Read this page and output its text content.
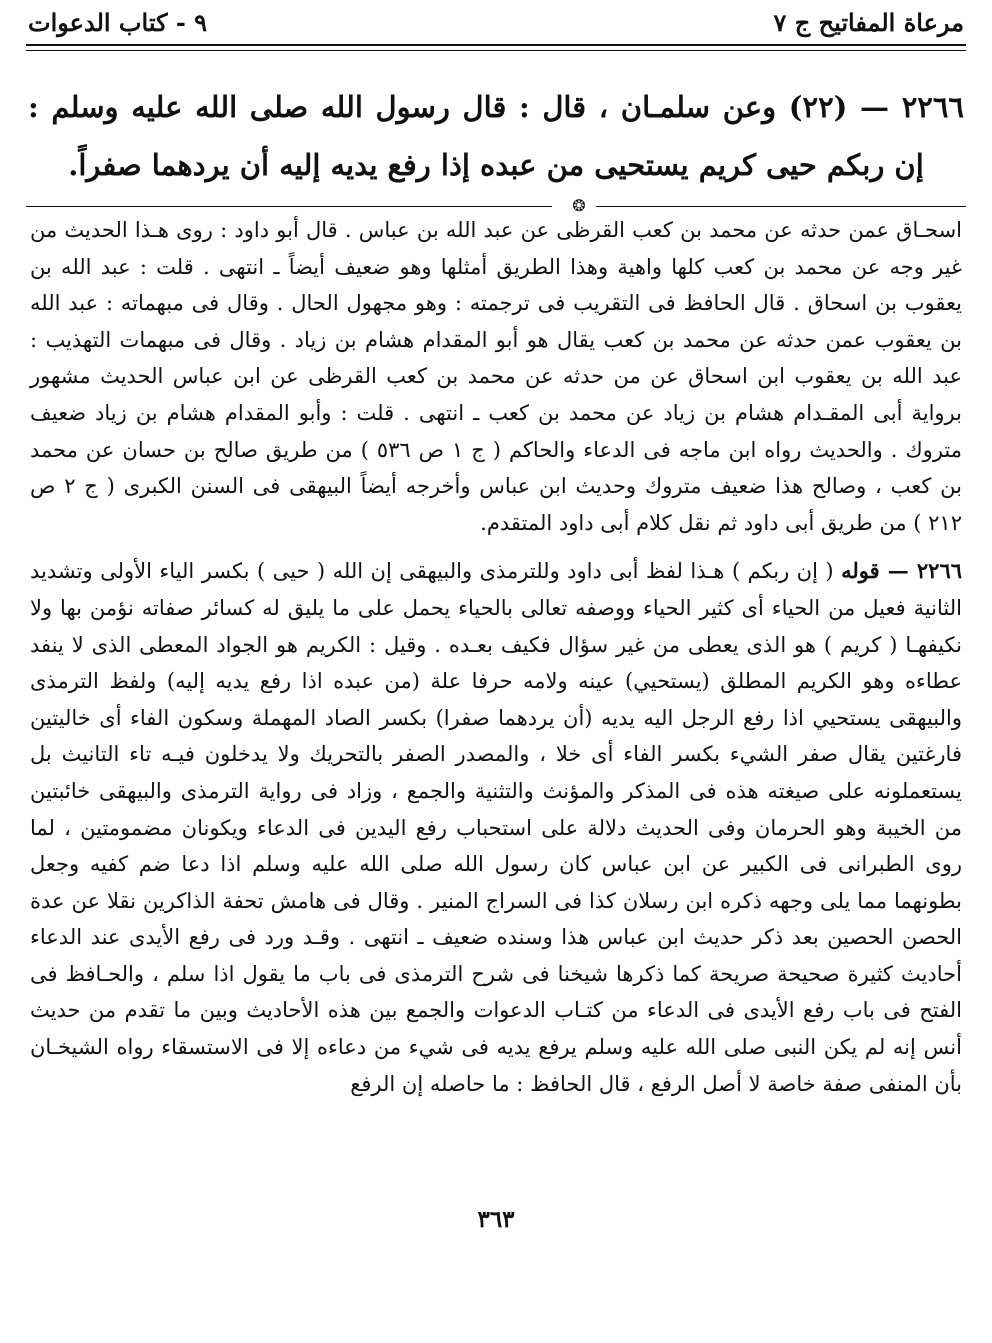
مرعاة المفاتيح ج ٧
٩ - كتاب الدعوات
٢٢٦٦ — (٢٢) وعن سلمـان ، قال : قال رسول الله صلى الله عليه وسلم : إن ربكم حيى كريم يستحيى من عبده إذا رفع يديه إليه أن يردهما صفراً.
❂

اسحـاق عمن حدثه عن محمد بن كعب القرظى عن عبد الله بن عباس . قال أبو داود : روى هـذا الحديث من غير وجه عن محمد بن كعب كلها واهية وهذا الطريق أمثلها وهو ضعيف أيضاً ـ انتهى . قلت : عبد الله بن يعقوب بن اسحاق . قال الحافظ فى التقريب فى ترجمته : وهو مجهول الحال . وقال فى مبهماته : عبد الله بن يعقوب عمن حدثه عن محمد بن كعب يقال هو أبو المقدام هشام بن زياد . وقال فى مبهمات التهذيب : عبد الله بن يعقوب ابن اسحاق عن من حدثه عن محمد بن كعب القرظى عن ابن عباس الحديث مشهور برواية أبى المقـدام هشام بن زياد عن محمد بن كعب ـ انتهى . قلت : وأبو المقدام هشام بن زياد ضعيف متروك . والحديث رواه ابن ماجه فى الدعاء والحاكم ( ج ١ ص ٥٣٦ ) من طريق صالح بن حسان عن محمد بن كعب ، وصالح هذا ضعيف متروك وحديث ابن عباس وأخرجه أيضاً البيهقى فى السنن الكبرى ( ج ٢ ص ٢١٢ ) من طريق أبى داود ثم نقل كلام أبى داود المتقدم.

٢٢٦٦ — قوله ( إن ربكم ) هـذا لفظ أبى داود وللترمذى والبيهقى إن الله ( حيى ) بكسر الياء الأولى وتشديد الثانية فعيل من الحياء أى كثير الحياء ووصفه تعالى بالحياء يحمل على ما يليق له كسائر صفاته نؤمن بها ولا نكيفهـا ( كريم ) هو الذى يعطى من غير سؤال فكيف بعـده . وقيل : الكريم هو الجواد المعطى الذى لا ينفد عطاءه وهو الكريم المطلق (يستحيي) عينه ولامه حرفا علة (من عبده اذا رفع يديه إليه) ولفظ الترمذى والبيهقى يستحيي اذا رفع الرجل اليه يديه (أن يردهما صفرا) بكسر الصاد المهملة وسكون الفاء أى خاليتين فارغتين يقال صفر الشيء بكسر الفاء أى خلا ، والمصدر الصفر بالتحريك ولا يدخلون فيـه تاء التانيث بل يستعملونه على صيغته هذه فى المذكر والمؤنث والتثنية والجمع ، وزاد فى رواية الترمذى والبيهقى خائبتين من الخيبة وهو الحرمان وفى الحديث دلالة على استحباب رفع اليدين فى الدعاء ويكونان مضمومتين ، لما روى الطبرانى فى الكبير عن ابن عباس كان رسول الله صلى الله عليه وسلم اذا دعا ضم كفيه وجعل بطونهما مما يلى وجهه ذكره ابن رسلان كذا فى السراج المنير . وقال فى هامش تحفة الذاكرين نقلا عن عدة الحصن الحصين بعد ذكر حديث ابن عباس هذا وسنده ضعيف ـ انتهى . وقـد ورد فى رفع الأيدى عند الدعاء أحاديث كثيرة صحيحة صريحة كما ذكرها شيخنا فى شرح الترمذى فى باب ما يقول اذا سلم ، والحـافظ فى الفتح فى باب رفع الأيدى فى الدعاء من كتـاب الدعوات والجمع بين هذه الأحاديث وبين ما تقدم من حديث أنس إنه لم يكن النبى صلى الله عليه وسلم يرفع يديه فى شيء من دعاءه إلا فى الاستسقاء رواه الشيخـان بأن المنفى صفة خاصة لا أصل الرفع ، قال الحافظ : ما حاصله إن الرفع

٣٦٣
